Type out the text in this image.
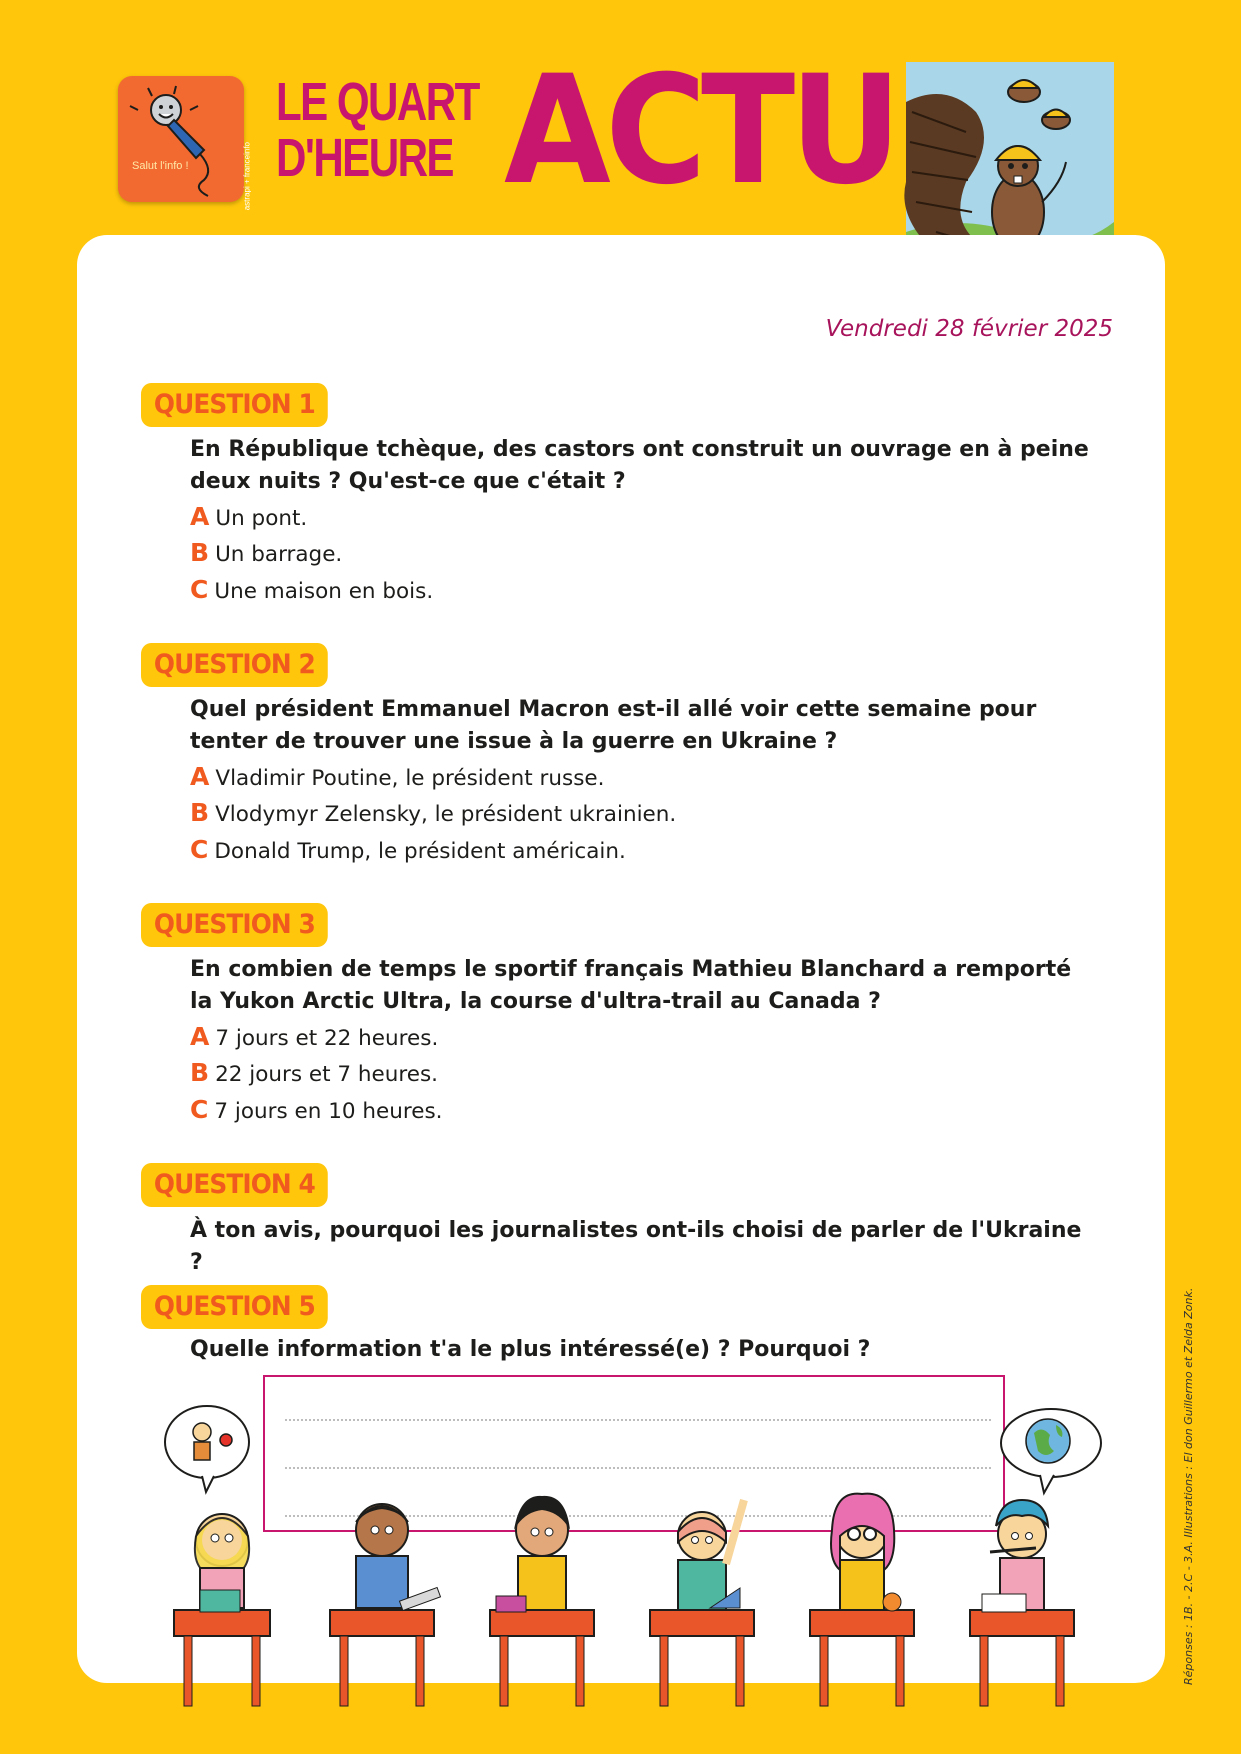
Salut l'info !	astrapi + franceinfo
LE QUART
D'HEURE ACTU
Vendredi 28 février 2025
QUESTION 1
En République tchèque, des castors ont construit un ouvrage en à peine deux nuits ? Qu'est-ce que c'était ?
A Un pont.
B Un barrage.
C Une maison en bois.
QUESTION 2
Quel président Emmanuel Macron est-il allé voir cette semaine pour tenter de trouver une issue à la guerre en Ukraine ?
A Vladimir Poutine, le président russe.
B Vlodymyr Zelensky, le président ukrainien.
C Donald Trump, le président américain.
QUESTION 3
En combien de temps le sportif français Mathieu Blanchard a remporté la Yukon Arctic Ultra, la course d'ultra-trail au Canada ?
A 7 jours et 22 heures.
B 22 jours et 7 heures.
C 7 jours en 10 heures.
QUESTION 4
À ton avis, pourquoi les journalistes ont-ils choisi de parler de l'Ukraine ?
QUESTION 5
Quelle information t'a le plus intéressé(e) ? Pourquoi ?	Réponses : 1B. - 2.C - 3.A. Illustrations : El don Guillermo et Zelda Zonk.
